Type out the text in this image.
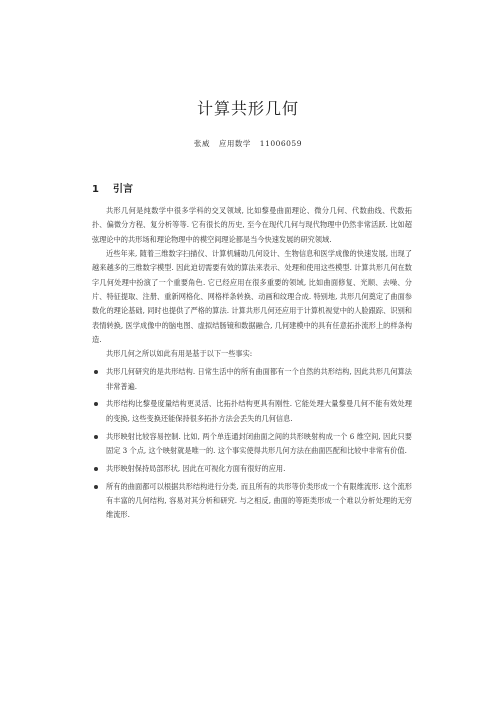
计算共形几何
张威 应用数学 11006059
1 引言

共形几何是纯数学中很多学科的交叉领域, 比如黎曼曲面理论、微分几何、代数曲线、代数拓扑、偏微分方程、复分析等等. 它有很长的历史, 至今在现代几何与现代物理中仍然非常活跃. 比如超弦理论中的共形场和理论物理中的模空间理论都是当今快速发展的研究领域.

近些年来, 随着三维数字扫描仪、计算机辅助几何设计、生物信息和医学成像的快速发展, 出现了越来越多的三维数字模型. 因此迫切需要有效的算法来表示、处理和使用这些模型. 计算共形几何在数字几何处理中扮演了一个重要角色. 它已经应用在很多重要的领域, 比如曲面修复、光顺、去噪、分片、特征提取、注册、重新网格化、网格样条转换、动画和纹理合成. 特别地, 共形几何奠定了曲面参数化的理论基础, 同时也提供了严格的算法. 计算共形几何还应用于计算机视觉中的人脸跟踪、识别和表情转换, 医学成像中的脑电图、虚拟结肠镜和数据融合, 几何建模中的具有任意拓扑流形上的样条构造.

共形几何之所以如此有用是基于以下一些事实:

共形几何研究的是共形结构. 日常生活中的所有曲面都有一个自然的共形结构, 因此共形几何算法非常普遍.
共形结构比黎曼度量结构更灵活、比拓扑结构更具有刚性. 它能处理大量黎曼几何不能有效处理的变换, 这些变换还能保持很多拓扑方法会丢失的几何信息.
共形映射比较容易控制. 比如, 两个单连通封闭曲面之间的共形映射构成一个 6 维空间, 因此只要固定 3 个点, 这个映射就是唯一的. 这个事实使得共形几何方法在曲面匹配和比较中非常有价值.
共形映射保持局部形状, 因此在可视化方面有很好的应用.
所有的曲面都可以根据共形结构进行分类, 而且所有的共形等价类形成一个有限维流形. 这个流形有丰富的几何结构, 容易对其分析和研究. 与之相反, 曲面的等距类形成一个难以分析处理的无穷维流形.
